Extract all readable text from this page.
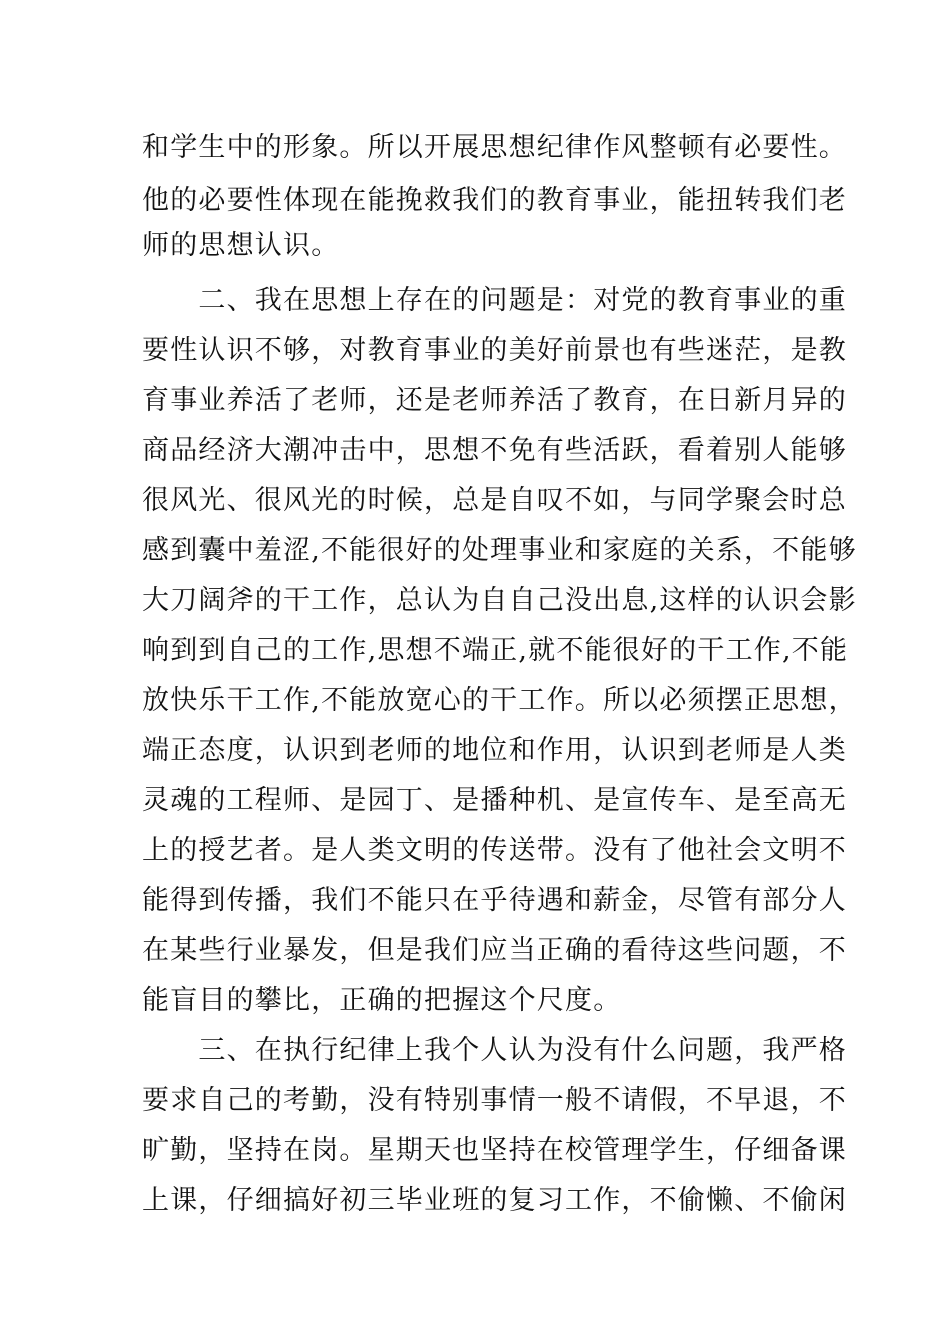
和学生中的形象。所以开展思想纪律作风整顿有必要性。
他的必要性体现在能挽救我们的教育事业，能扭转我们老
师的思想认识。
　　二、我在思想上存在的问题是：对党的教育事业的重
要性认识不够，对教育事业的美好前景也有些迷茫，是教
育事业养活了老师，还是老师养活了教育，在日新月异的
商品经济大潮冲击中，思想不免有些活跃，看着别人能够
很风光、很风光的时候，总是自叹不如，与同学聚会时总
感到囊中羞涩,不能很好的处理事业和家庭的关系，不能够
大刀阔斧的干工作，总认为自自己没出息,这样的认识会影
响到到自己的工作,思想不端正,就不能很好的干工作,不能
放快乐干工作,不能放宽心的干工作。所以必须摆正思想，
端正态度，认识到老师的地位和作用，认识到老师是人类
灵魂的工程师、是园丁、是播种机、是宣传车、是至高无
上的授艺者。是人类文明的传送带。没有了他社会文明不
能得到传播，我们不能只在乎待遇和薪金，尽管有部分人
在某些行业暴发，但是我们应当正确的看待这些问题，不
能盲目的攀比，正确的把握这个尺度。
　　三、在执行纪律上我个人认为没有什么问题，我严格
要求自己的考勤，没有特别事情一般不请假，不早退，不
旷勤，坚持在岗。星期天也坚持在校管理学生，仔细备课
上课，仔细搞好初三毕业班的复习工作，不偷懒、不偷闲
